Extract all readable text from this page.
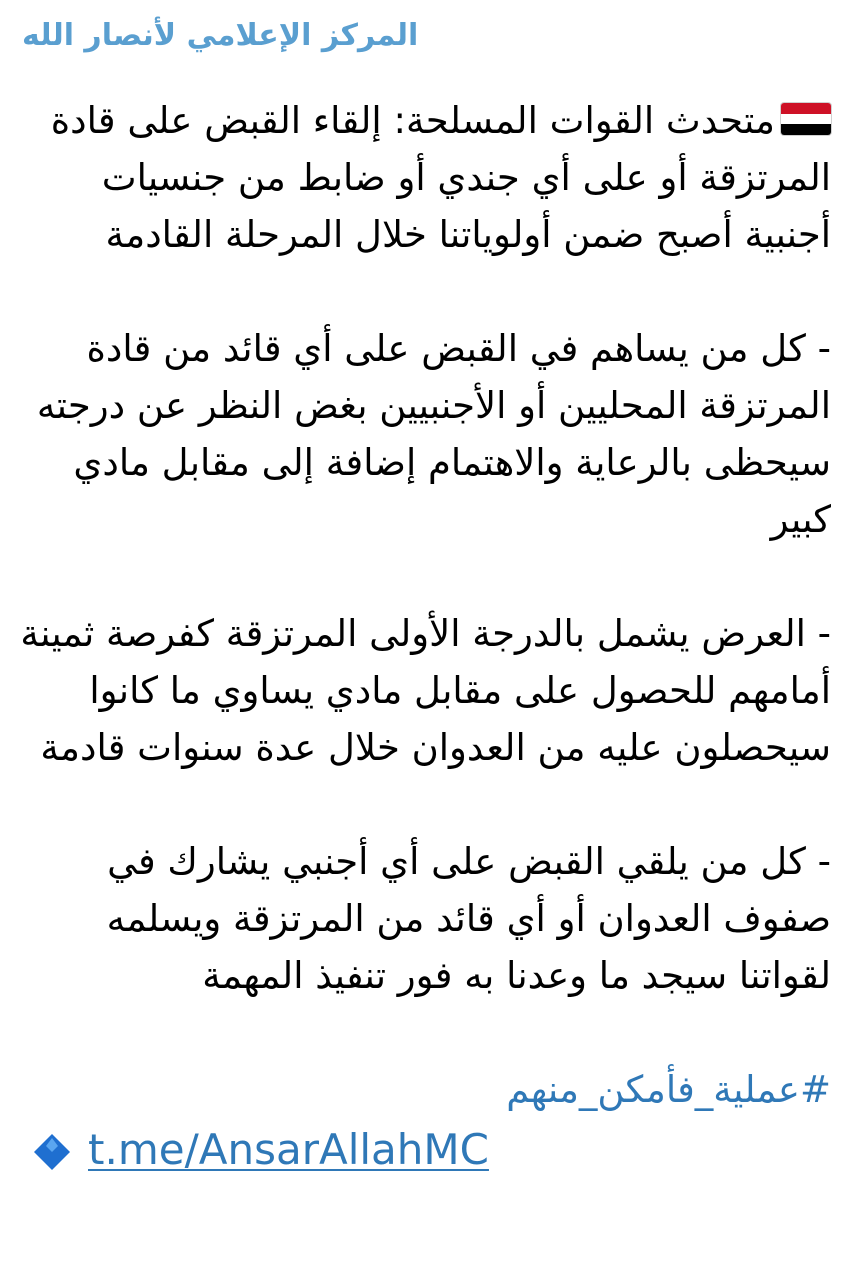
المركز الإعلامي لأنصار الله

متحدث القوات المسلحة: إلقاء القبض على قادة المرتزقة أو على أي جندي أو ضابط من جنسيات أجنبية أصبح ضمن أولوياتنا خلال المرحلة القادمة

- كل من يساهم في القبض على أي قائد من قادة المرتزقة المحليين أو الأجنبيين بغض النظر عن درجته سيحظى بالرعاية والاهتمام إضافة إلى مقابل مادي كبير

- العرض يشمل بالدرجة الأولى المرتزقة كفرصة ثمينة أمامهم للحصول على مقابل مادي يساوي ما كانوا سيحصلون عليه من العدوان خلال عدة سنوات قادمة

- كل من يلقي القبض على أي أجنبي يشارك في صفوف العدوان أو أي قائد من المرتزقة ويسلمه لقواتنا سيجد ما وعدنا به فور تنفيذ المهمة

#عملية_فأمكن_منهم
t.me/AnsarAllahMC
